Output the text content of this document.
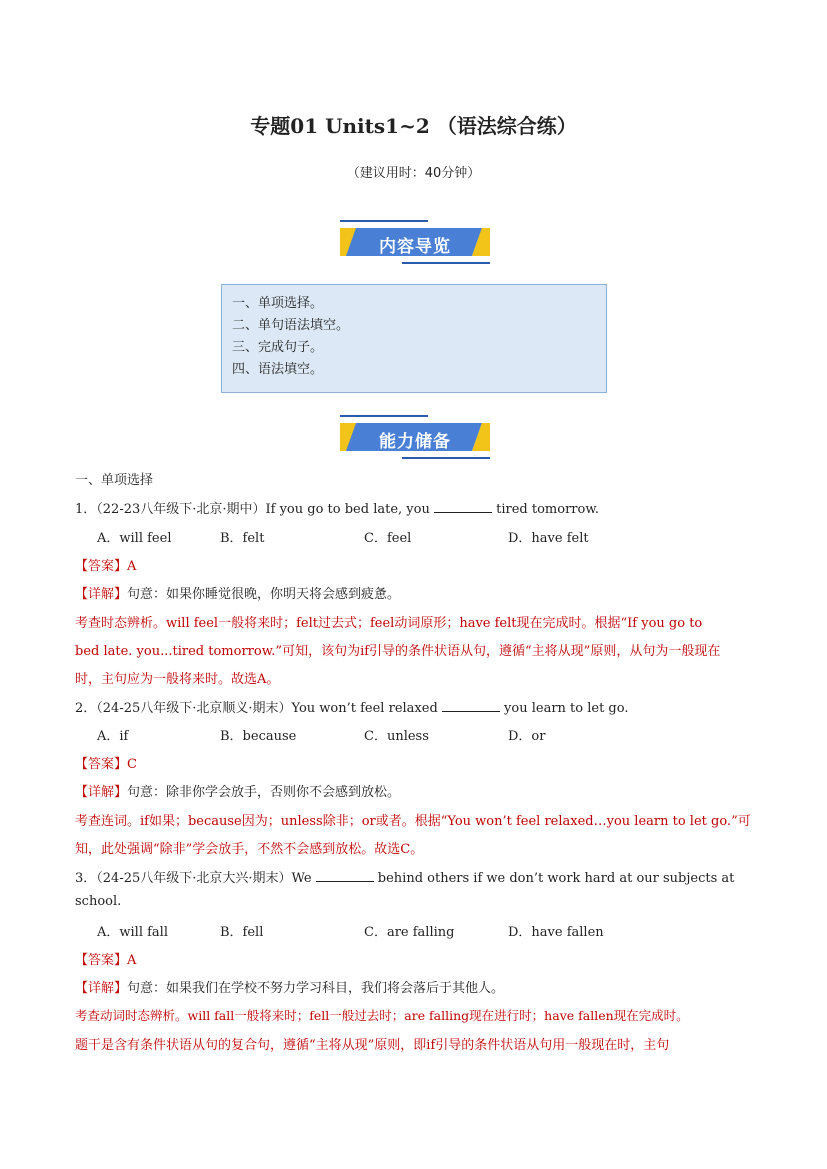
专题01 Units1~2 （语法综合练）
（建议用时：40分钟）
内容导览
一、单项选择。
二、单句语法填空。
三、完成句子。
四、语法填空。
能力储备
一、单项选择
1．（22-23八年级下·北京·期中）If you go to bed late, you	tired tomorrow.
A．will feel	B．felt	C．feel	D．have felt
【答案】A
【详解】句意：如果你睡觉很晚，你明天将会感到疲惫。
考查时态辨析。will feel一般将来时；felt过去式；feel动词原形；have felt现在完成时。根据“If you go to
bed late. you...tired tomorrow.”可知，该句为if引导的条件状语从句，遵循“主将从现”原则，从句为一般现在
时，主句应为一般将来时。故选A。
2．（24-25八年级下·北京顺义·期末）You won’t feel relaxed	you learn to let go.
A．if	B．because	C．unless	D．or
【答案】C
【详解】句意：除非你学会放手，否则你不会感到放松。
考查连词。if如果；because因为；unless除非；or或者。根据“You won’t feel relaxed…you learn to let go.”可
知，此处强调“除非”学会放手，不然不会感到放松。故选C。
3．（24-25八年级下·北京大兴·期末）We	behind others if we don’t work hard at our subjects at
school.
A．will fall	B．fell	C．are falling	D．have fallen
【答案】A
【详解】句意：如果我们在学校不努力学习科目，我们将会落后于其他人。
考查动词时态辨析。will fall一般将来时；fell一般过去时；are falling现在进行时；have fallen现在完成时。
题干是含有条件状语从句的复合句，遵循“主将从现”原则，即if引导的条件状语从句用一般现在时，主句
